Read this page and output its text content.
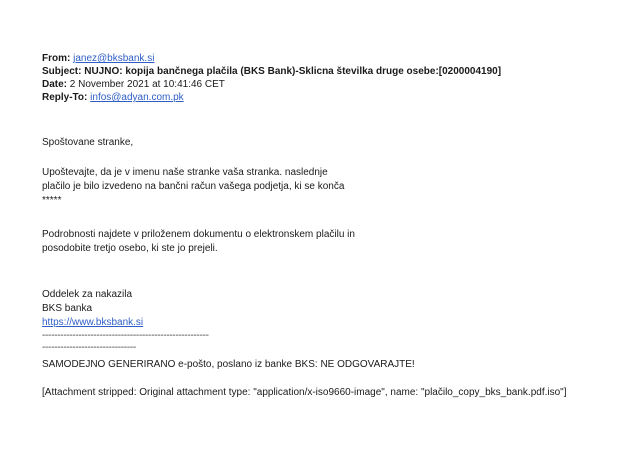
From: janez@bksbank.si
Subject: NUJNO: kopija bančnega plačila (BKS Bank)-Sklicna številka druge osebe:[0200004190]
Date: 2 November 2021 at 10:41:46 CET
Reply-To: infos@adyan.com.pk

Spoštovane stranke,

Upoštevajte, da je v imenu naše stranke vaša stranka. naslednje
plačilo je bilo izvedeno na bančni račun vašega podjetja, ki se konča
*****

Podrobnosti najdete v priloženem dokumentu o elektronskem plačilu in
posodobite tretjo osebo, ki ste jo prejeli.

Oddelek za nakazila
BKS banka
https://www.bksbank.si

-------------------------------------------------------
-------------------------------

SAMODEJNO GENERIRANO e-pošto, poslano iz banke BKS: NE ODGOVARAJTE!

[Attachment stripped: Original attachment type: "application/x-iso9660-image", name: "plačilo_copy_bks_bank.pdf.iso"]
